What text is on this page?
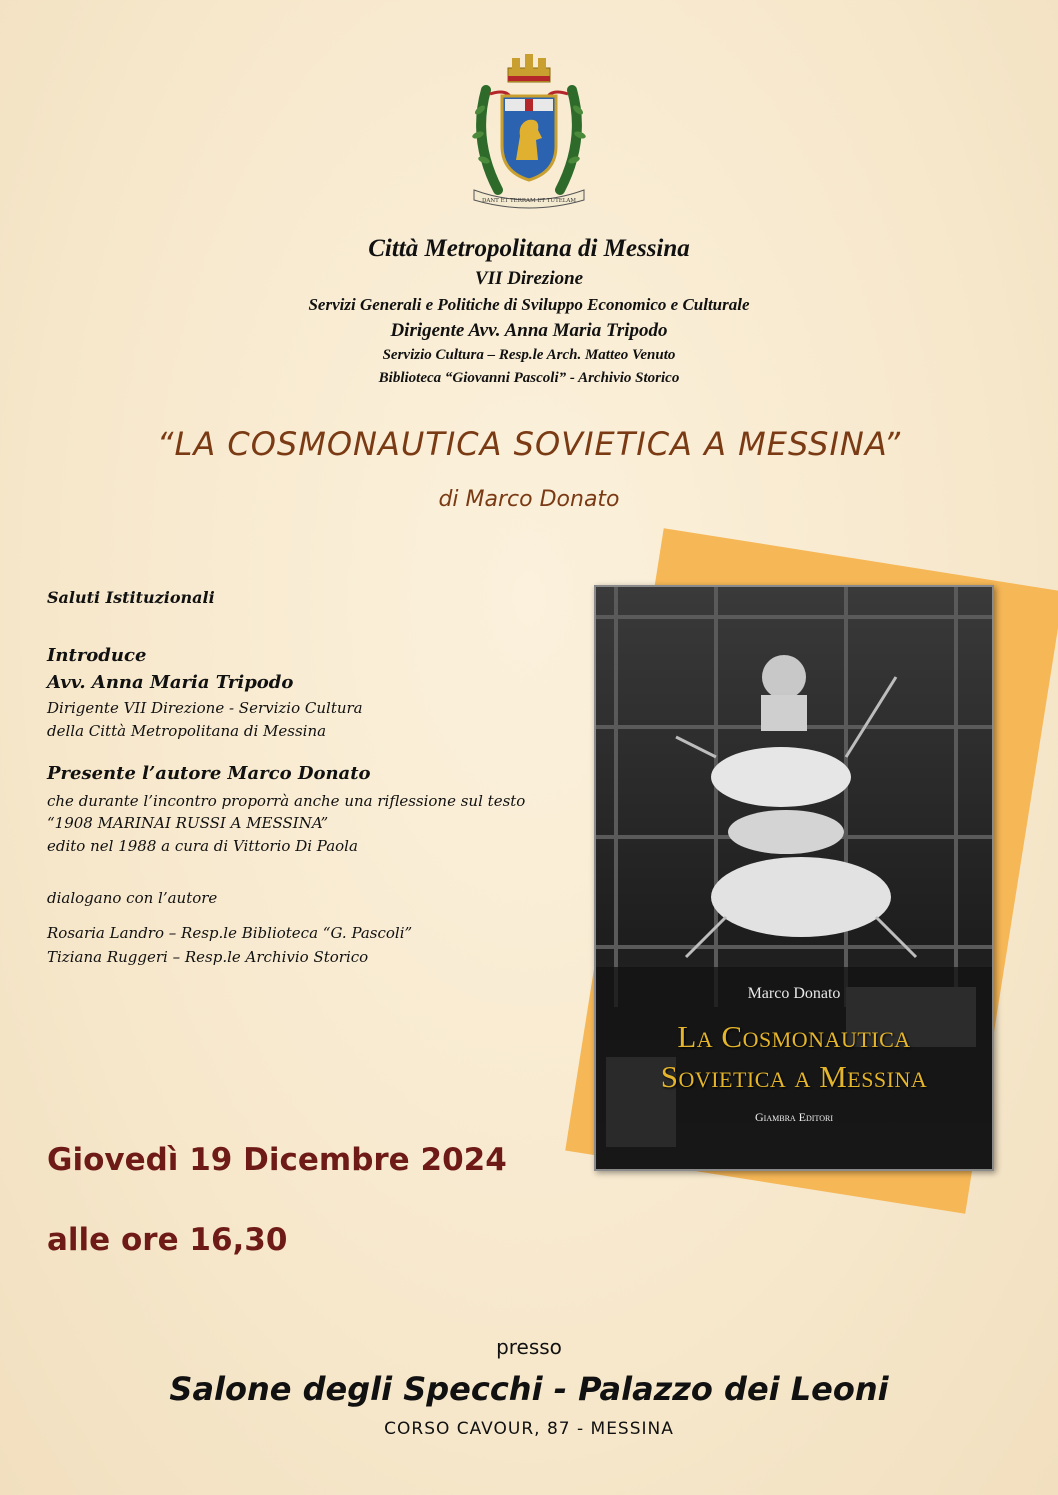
DANT ET TERRAM ET TUTELAM
Città Metropolitana di Messina
VII Direzione
Servizi Generali e Politiche di Sviluppo Economico e Culturale
Dirigente Avv. Anna Maria Tripodo
Servizio Cultura – Resp.le Arch. Matteo Venuto
Biblioteca “Giovanni Pascoli” - Archivio Storico
“LA COSMONAUTICA SOVIETICA A MESSINA”
di Marco Donato
Saluti Istituzionali
Introduce
Avv. Anna Maria Tripodo
Dirigente VII Direzione - Servizio Cultura
della Città Metropolitana di Messina
Presente l’autore Marco Donato
che durante l’incontro proporrà anche una riflessione sul testo
“1908 MARINAI RUSSI A MESSINA”
edito nel 1988 a cura di Vittorio Di Paola
dialogano con l’autore
Rosaria Landro – Resp.le Biblioteca “G. Pascoli”
Tiziana Ruggeri – Resp.le Archivio Storico
Marco Donato
La Cosmonautica
Sovietica a Messina
Giambra Editori
Giovedì 19 Dicembre 2024
alle ore 16,30
presso
Salone degli Specchi - Palazzo dei Leoni
CORSO CAVOUR, 87 - MESSINA
